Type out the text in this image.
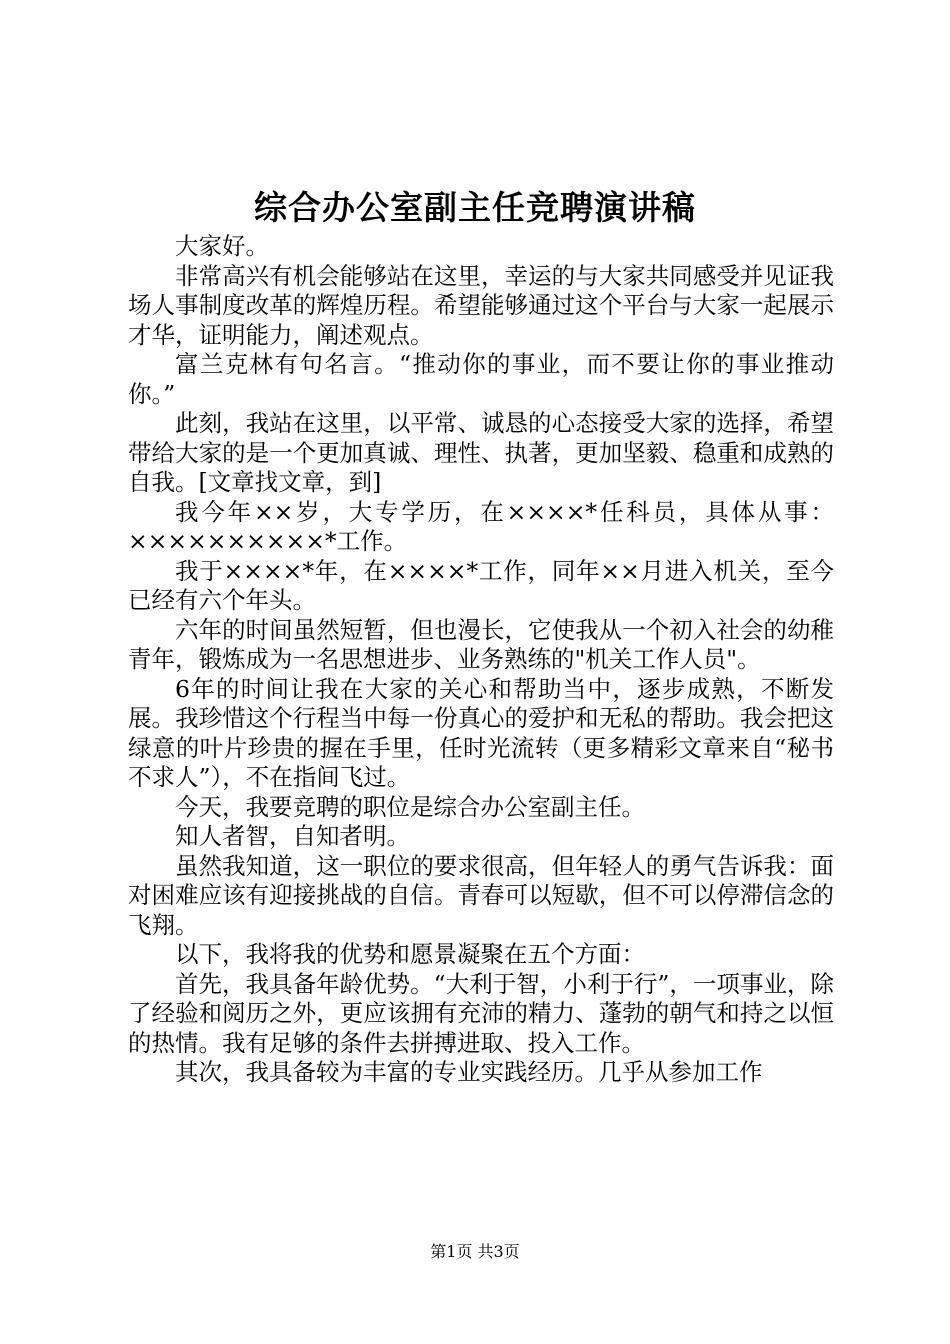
综合办公室副主任竞聘演讲稿

大家好。

非常高兴有机会能够站在这里，幸运的与大家共同感受并见证我场人事制度改革的辉煌历程。希望能够通过这个平台与大家一起展示才华，证明能力，阐述观点。

富兰克林有句名言。“推动你的事业，而不要让你的事业推动你。”

此刻，我站在这里，以平常、诚恳的心态接受大家的选择，希望带给大家的是一个更加真诚、理性、执著，更加坚毅、稳重和成熟的自我。[文章找文章，到]

我今年××岁，大专学历，在××××*任科员，具体从事：××××××××××*工作。

我于××××*年，在××××*工作，同年××月进入机关，至今已经有六个年头。

六年的时间虽然短暂，但也漫长，它使我从一个初入社会的幼稚青年，锻炼成为一名思想进步、业务熟练的"机关工作人员"。

6年的时间让我在大家的关心和帮助当中，逐步成熟，不断发展。我珍惜这个行程当中每一份真心的爱护和无私的帮助。我会把这绿意的叶片珍贵的握在手里，任时光流转（更多精彩文章来自“秘书不求人”），不在指间飞过。

今天，我要竞聘的职位是综合办公室副主任。

知人者智，自知者明。

虽然我知道，这一职位的要求很高，但年轻人的勇气告诉我：面对困难应该有迎接挑战的自信。青春可以短歇，但不可以停滞信念的飞翔。

以下，我将我的优势和愿景凝聚在五个方面：

首先，我具备年龄优势。“大利于智，小利于行”，一项事业，除了经验和阅历之外，更应该拥有充沛的精力、蓬勃的朝气和持之以恒的热情。我有足够的条件去拼搏进取、投入工作。

其次，我具备较为丰富的专业实践经历。几乎从参加工作

第1页 共3页
